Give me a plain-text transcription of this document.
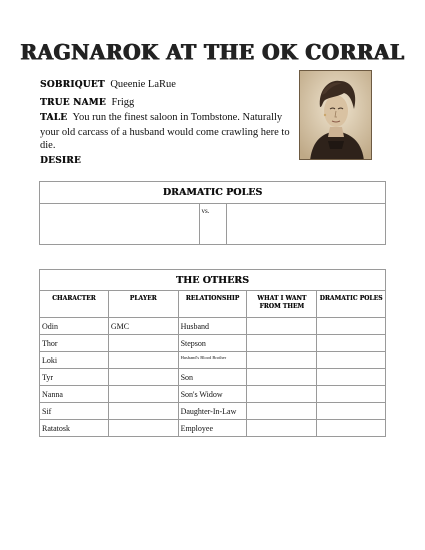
RAGNAROK AT THE OK CORRAL
SOBRIQUET Queenie LaRue
TRUE NAME Frigg
TALE You run the finest saloon in Tombstone. Naturally your old carcass of a husband would come crawling here to die.
DESIRE
DRAMATIC POLES
	vs.	
THE OTHERS				
CHARACTER	PLAYER	RELATIONSHIP	WHAT I WANT FROM THEM	DRAMATIC POLES
Odin	GMC	Husband		
Thor		Stepson		
Loki		Husband's Blood Brother		
Tyr		Son		
Nanna		Son's Widow		
Sif		Daughter-In-Law		
Ratatosk		Employee		
